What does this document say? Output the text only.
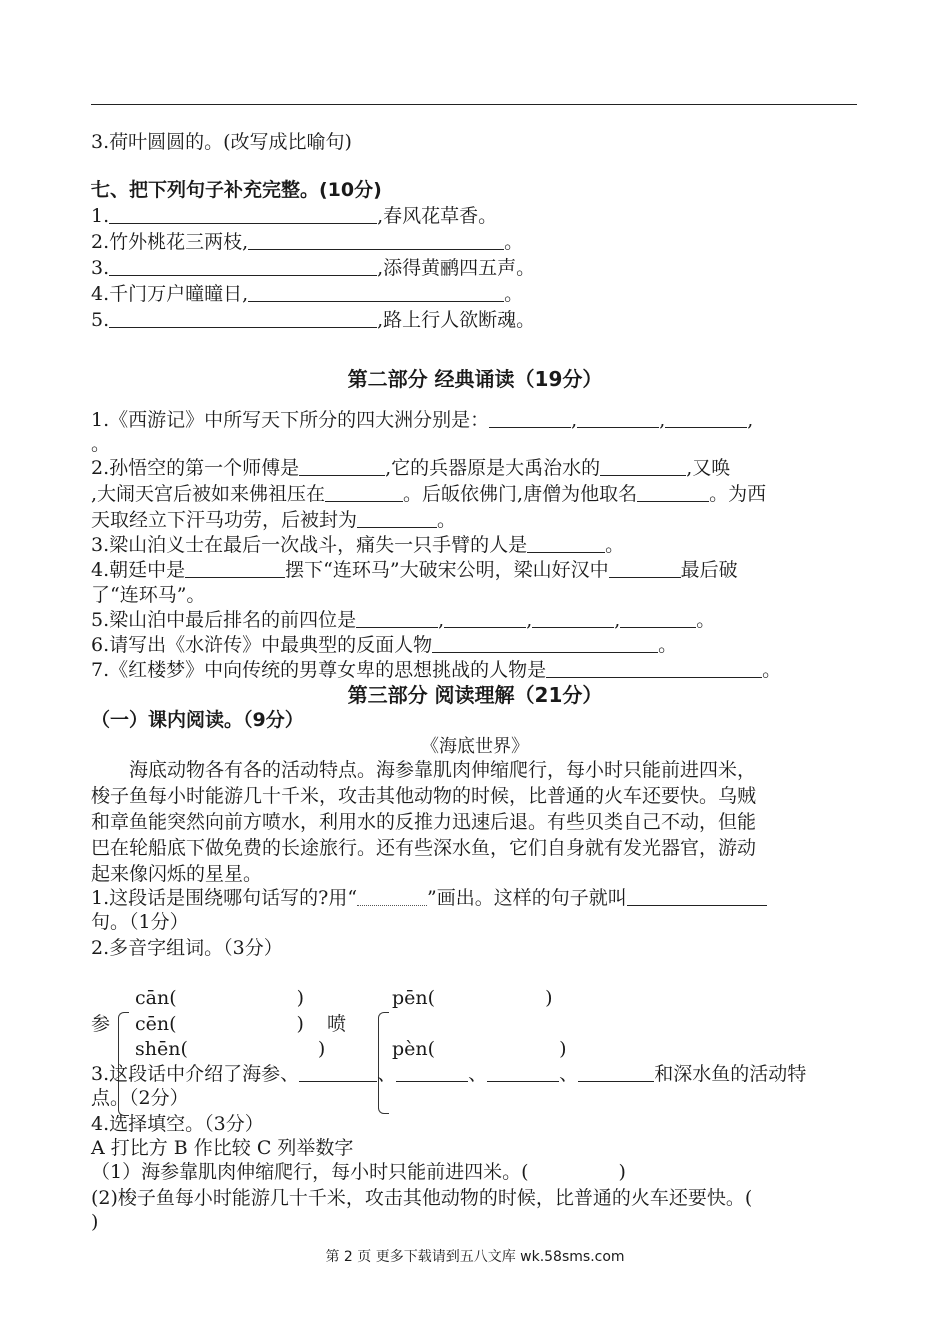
3.荷叶圆圆的。(改写成比喻句)
_
七、把下列句子补充完整。(10分)
1.	,春风花草香。
2.竹外桃花三两枝,	。
3.	,添得黄鹂四五声。
4.千门万户曈曈日,	。
5.	,路上行人欲断魂。
第二部分 经典诵读（19分）
1.《西游记》中所写天下所分的四大洲分别是：	,	,	,
。
2.孙悟空的第一个师傅是	,它的兵器原是大禹治水的	,又唤
,大闹天宫后被如来佛祖压在	。后皈依佛门,唐僧为他取名	。为西
天取经立下汗马功劳，后被封为	。
3.梁山泊义士在最后一次战斗，痛失一只手臂的人是	。
4.朝廷中是	摆下“连环马”大破宋公明，梁山好汉中	最后破
了“连环马”。
5.梁山泊中最后排名的前四位是	,	,	,	。
6.请写出《水浒传》中最典型的反面人物	。
7.《红楼梦》中向传统的男尊女卑的思想挑战的人物是	。
第三部分 阅读理解（21分）
（一）课内阅读。（9分）
《海底世界》
海底动物各有各的活动特点。海参靠肌肉伸缩爬行，每小时只能前进四米，
梭子鱼每小时能游几十千米，攻击其他动物的时候，比普通的火车还要快。乌贼
和章鱼能突然向前方喷水，利用水的反推力迅速后退。有些贝类自己不动，但能
巴在轮船底下做免费的长途旅行。还有些深水鱼，它们自身就有发光器官，游动
起来像闪烁的星星。
1.这段话是围绕哪句话写的?用“	”画出。这样的句子就叫
句。（1分）
2.多音字组词。（3分）
cān(	)
cēn(	)
shēn(	)
参
pēn(	)
pèn(	)
喷
3.这段话中介绍了海参、	、	、	、	和深水鱼的活动特
点。（2分）
4.选择填空。（3分）
A 打比方 B 作比较 C 列举数字
（1）海参靠肌肉伸缩爬行，每小时只能前进四米。(	)
(2)梭子鱼每小时能游几十千米，攻击其他动物的时候，比普通的火车还要快。(
)
第 2 页 更多下载请到五八文库 wk.58sms.com
